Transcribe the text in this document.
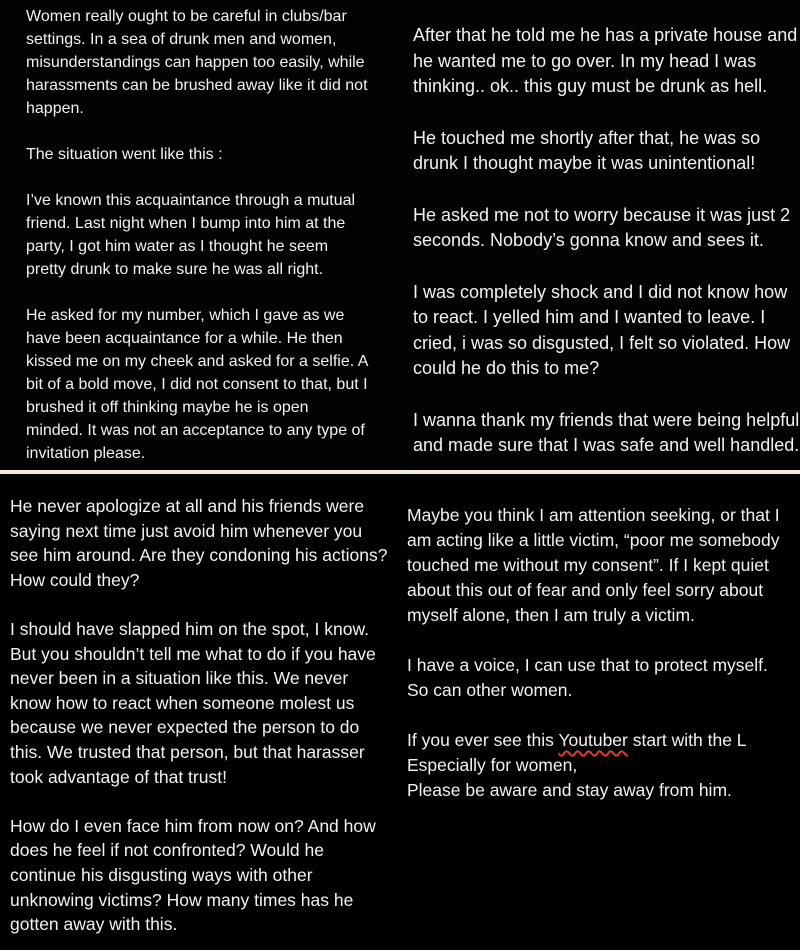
Women really ought to be careful in clubs/bar
settings. In a sea of drunk men and women,
misunderstandings can happen too easily, while
harassments can be brushed away like it did not
happen.

The situation went like this :

I’ve known this acquaintance through a mutual
friend. Last night when I bump into him at the
party, I got him water as I thought he seem
pretty drunk to make sure he was all right.

He asked for my number, which I gave as we
have been acquaintance for a while. He then
kissed me on my cheek and asked for a selfie. A
bit of a bold move, I did not consent to that, but I
brushed it off thinking maybe he is open
minded. It was not an acceptance to any type of
invitation please.

After that he told me he has a private house and
he wanted me to go over. In my head I was
thinking.. ok.. this guy must be drunk as hell.

He touched me shortly after that, he was so
drunk I thought maybe it was unintentional!

He asked me not to worry because it was just 2
seconds. Nobody’s gonna know and sees it.

I was completely shock and I did not know how
to react. I yelled him and I wanted to leave. I
cried, i was so disgusted, I felt so violated. How
could he do this to me?

I wanna thank my friends that were being helpful
and made sure that I was safe and well handled.

He never apologize at all and his friends were
saying next time just avoid him whenever you
see him around. Are they condoning his actions?
How could they?

I should have slapped him on the spot, I know.
But you shouldn’t tell me what to do if you have
never been in a situation like this. We never
know how to react when someone molest us
because we never expected the person to do
this. We trusted that person, but that harasser
took advantage of that trust!

How do I even face him from now on? And how
does he feel if not confronted? Would he
continue his disgusting ways with other
unknowing victims? How many times has he
gotten away with this.

Maybe you think I am attention seeking, or that I
am acting like a little victim, “poor me somebody
touched me without my consent”. If I kept quiet
about this out of fear and only feel sorry about
myself alone, then I am truly a victim.

I have a voice, I can use that to protect myself.
So can other women.

If you ever see this Youtuber start with the L
Especially for women,
Please be aware and stay away from him.
